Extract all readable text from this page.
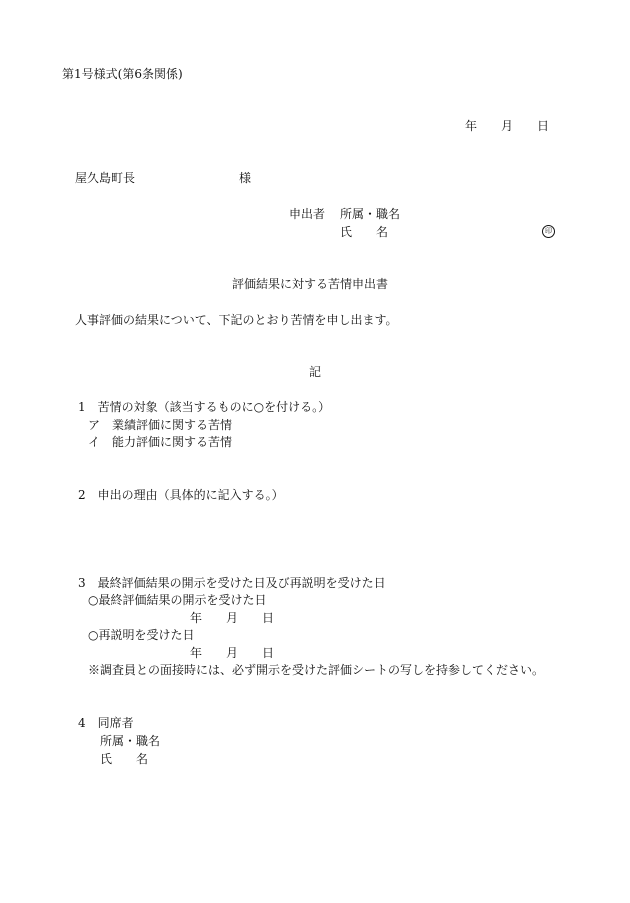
第1号様式(第6条関係)
年　　月　　日
屋久島町長	様
申出者 所属・職名
氏　　名	印
評価結果に対する苦情申出書
人事評価の結果について、下記のとおり苦情を申し出ます。
記
1　苦情の対象（該当するものに○を付ける。）
ア　業績評価に関する苦情
イ　能力評価に関する苦情
2　申出の理由（具体的に記入する。）
3　最終評価結果の開示を受けた日及び再説明を受けた日
○最終評価結果の開示を受けた日
年　　月　　日
○再説明を受けた日
年　　月　　日
※調査員との面接時には、必ず開示を受けた評価シートの写しを持参してください。
4　同席者
所属・職名
氏　　名
